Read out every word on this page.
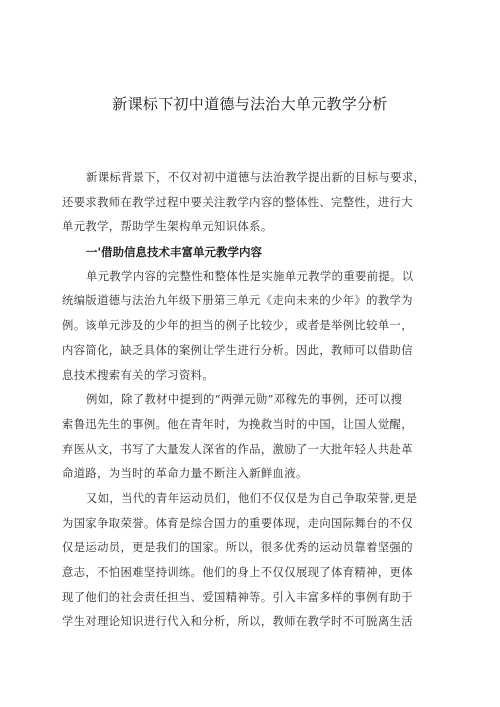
新课标下初中道德与法治大单元教学分析
新课标背景下，不仅对初中道德与法治教学提出新的目标与要求，
还要求教师在教学过程中要关注教学内容的整体性、完整性，进行大
单元教学，帮助学生架构单元知识体系。
一'借助信息技术丰富单元教学内容
单元教学内容的完整性和整体性是实施单元教学的重要前提。以
统编版道德与法治九年级下册第三单元《走向未来的少年》的教学为
例。该单元涉及的少年的担当的例子比较少，或者是举例比较单一，
内容简化，缺乏具体的案例让学生进行分析。因此，教师可以借助信
息技术搜索有关的学习资料。
例如，除了教材中提到的“两弹元勋”邓稼先的事例，还可以搜
索鲁迅先生的事例。他在青年时，为挽救当时的中国，让国人觉醒，
弃医从文，书写了大量发人深省的作品，激励了一大批年轻人共赴革
命道路，为当时的革命力量不断注入新鲜血液。
又如，当代的青年运动员们，他们不仅仅是为自己争取荣誉,更是
为国家争取荣誉。体育是综合国力的重要体现，走向国际舞台的不仅
仅是运动员，更是我们的国家。所以，很多优秀的运动员靠着坚强的
意志，不怕困难坚持训练。他们的身上不仅仅展现了体育精神，更体
现了他们的社会责任担当、爱国精神等。引入丰富多样的事例有助于
学生对理论知识进行代入和分析，所以，教师在教学时不可脱离生活
